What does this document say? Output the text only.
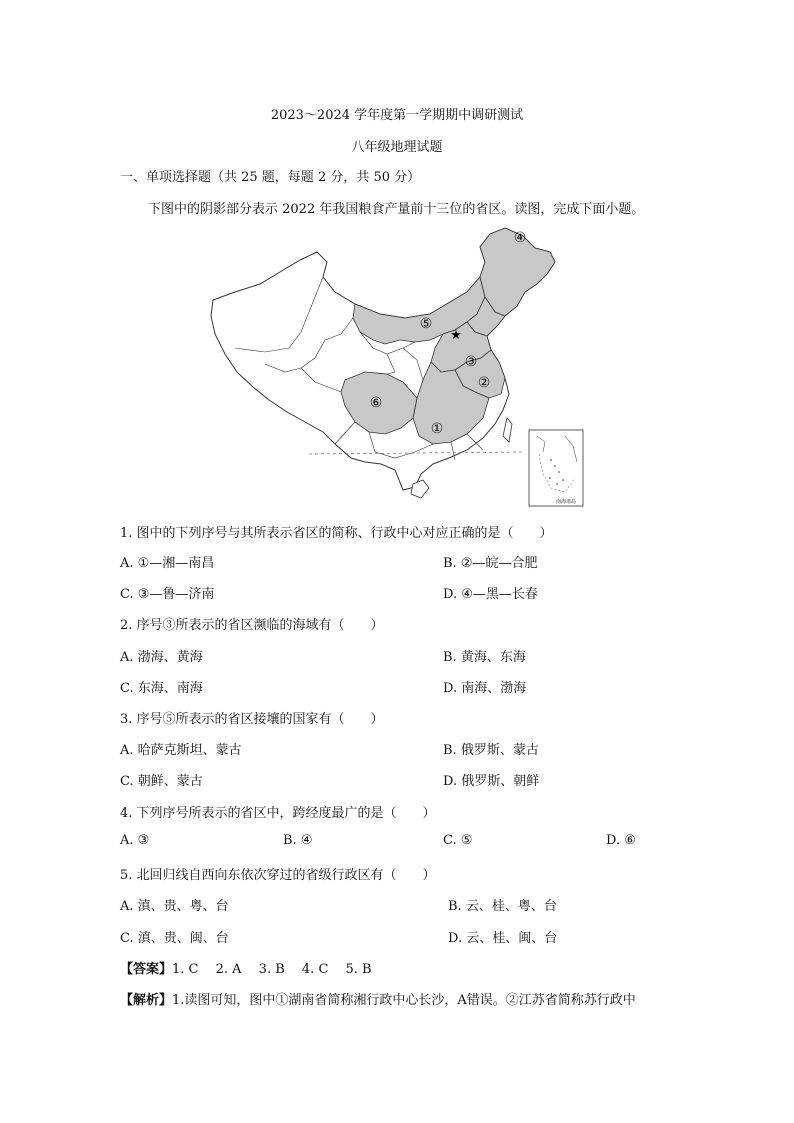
2023～2024 学年度第一学期期中调研测试
八年级地理试题
一、单项选择题（共 25 题，每题 2 分，共 50 分）
下图中的阴影部分表示 2022 年我国粮食产量前十三位的省区。读图，完成下面小题。
★
①
②
③
④
⑤
⑥
南海诸岛
1. 图中的下列序号与其所表示省区的简称、行政中心对应正确的是（　　）
A. ①—湘—南昌	B. ②—皖—合肥
C. ③—鲁—济南	D. ④—黑—长春
2. 序号③所表示的省区濒临的海域有（　　）
A. 渤海、黄海	B. 黄海、东海
C. 东海、南海	D. 南海、渤海
3. 序号⑤所表示的省区接壤的国家有（　　）
A. 哈萨克斯坦、蒙古	B. 俄罗斯、蒙古
C. 朝鲜、蒙古	D. 俄罗斯、朝鲜
4. 下列序号所表示的省区中，跨经度最广的是（　　）
A. ③	B. ④	C. ⑤	D. ⑥
5. 北回归线自西向东依次穿过的省级行政区有（　　）
A. 滇、贵、粤、台	B. 云、桂、粤、台
C. 滇、贵、闽、台	D. 云、桂、闽、台
【答案】1. C　 2. A　 3. B　 4. C　 5. B
【解析】1.读图可知，图中①湖南省简称湘行政中心长沙，A错误。②江苏省简称苏行政中
